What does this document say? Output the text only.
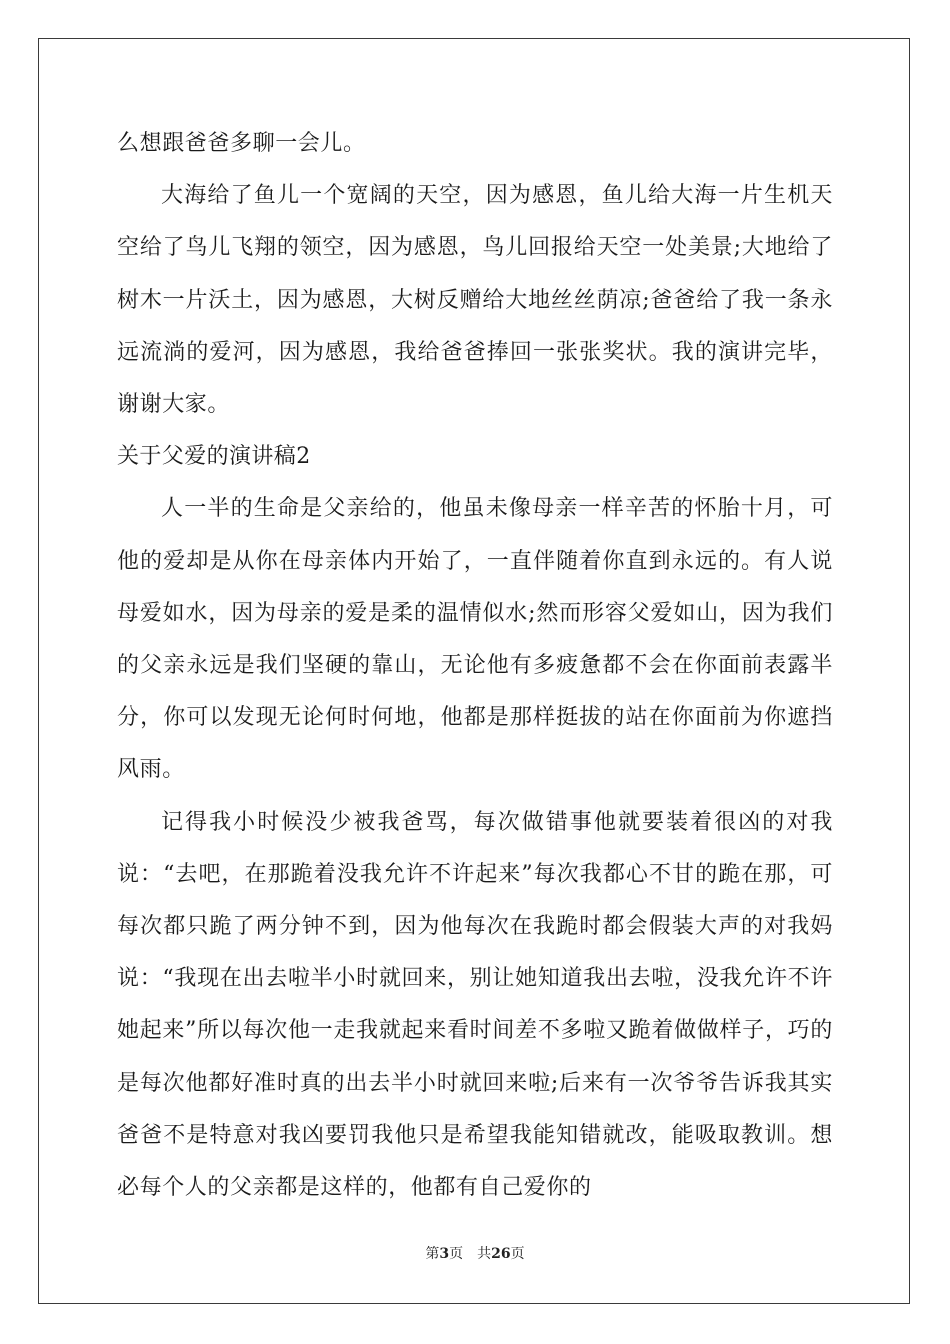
么想跟爸爸多聊一会儿。

大海给了鱼儿一个宽阔的天空，因为感恩，鱼儿给大海一片生机天空给了鸟儿飞翔的领空，因为感恩，鸟儿回报给天空一处美景;大地给了树木一片沃土，因为感恩，大树反赠给大地丝丝荫凉;爸爸给了我一条永远流淌的爱河，因为感恩，我给爸爸捧回一张张奖状。我的演讲完毕，谢谢大家。

关于父爱的演讲稿2

人一半的生命是父亲给的，他虽未像母亲一样辛苦的怀胎十月，可他的爱却是从你在母亲体内开始了，一直伴随着你直到永远的。有人说母爱如水，因为母亲的爱是柔的温情似水;然而形容父爱如山，因为我们的父亲永远是我们坚硬的靠山，无论他有多疲惫都不会在你面前表露半分，你可以发现无论何时何地，他都是那样挺拔的站在你面前为你遮挡风雨。

记得我小时候没少被我爸骂，每次做错事他就要装着很凶的对我说：“去吧，在那跪着没我允许不许起来”每次我都心不甘的跪在那，可每次都只跪了两分钟不到，因为他每次在我跪时都会假装大声的对我妈说：“我现在出去啦半小时就回来，别让她知道我出去啦，没我允许不许她起来”所以每次他一走我就起来看时间差不多啦又跪着做做样子，巧的是每次他都好准时真的出去半小时就回来啦;后来有一次爷爷告诉我其实爸爸不是特意对我凶要罚我他只是希望我能知错就改，能吸取教训。想必每个人的父亲都是这样的，他都有自己爱你的

第3页 共26页
